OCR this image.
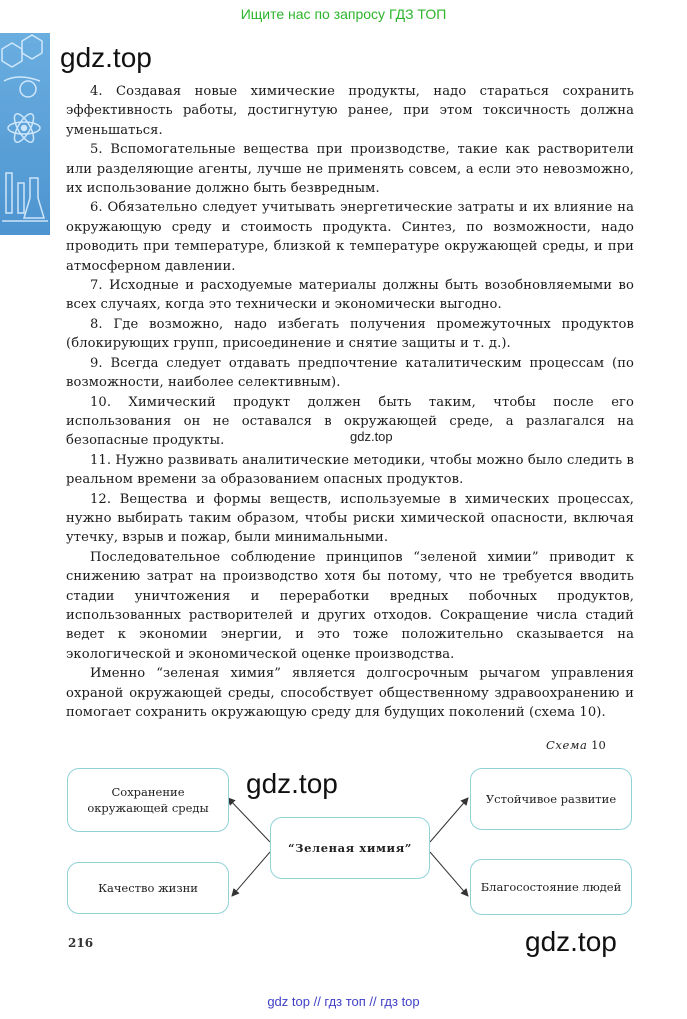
Ищите нас по запросу ГДЗ ТОП
gdz.top

4. Создавая новые химические продукты, надо стараться сохранить эффективность работы, достигнутую ранее, при этом токсичность должна уменьшаться.

5. Вспомогательные вещества при производстве, такие как растворители или разделяющие агенты, лучше не применять совсем, а если это невозможно, их использование должно быть безвредным.

6. Обязательно следует учитывать энергетические затраты и их влияние на окружающую среду и стоимость продукта. Синтез, по возможности, надо проводить при температуре, близкой к температуре окружающей среды, и при атмосферном давлении.

7. Исходные и расходуемые материалы должны быть возобновляемыми во всех случаях, когда это технически и экономически выгодно.

8. Где возможно, надо избегать получения промежуточных продуктов (блокирующих групп, присоединение и снятие защиты и т. д.).

9. Всегда следует отдавать предпочтение каталитическим процессам (по возможности, наиболее селективным).

10. Химический продукт должен быть таким, чтобы после его использования он не оставался в окружающей среде, а разлагался на безопасные продукты.

11. Нужно развивать аналитические методики, чтобы можно было следить в реальном времени за образованием опасных продуктов.

12. Вещества и формы веществ, используемые в химических процессах, нужно выбирать таким образом, чтобы риски химической опасности, включая утечку, взрыв и пожар, были минимальными.

Последовательное соблюдение принципов “зеленой химии” приводит к снижению затрат на производство хотя бы потому, что не требуется вводить стадии уничтожения и переработки вредных побочных продуктов, использованных растворителей и других отходов. Сокращение числа стадий ведет к экономии энергии, и это тоже положительно сказывается на экологической и экономической оценке производства.

Именно “зеленая химия” является долгосрочным рычагом управления охраной окружающей среды, способствует общественному здравоохранению и помогает сохранить окружающую среду для будущих поколений (схема 10).

gdz.top
Схема 10
Сохранение окружающей среды
Качество жизни
“Зеленая химия”
Устойчивое развитие
Благосостояние людей
gdz.top
gdz.top
216
gdz top // гдз топ // гдз top
